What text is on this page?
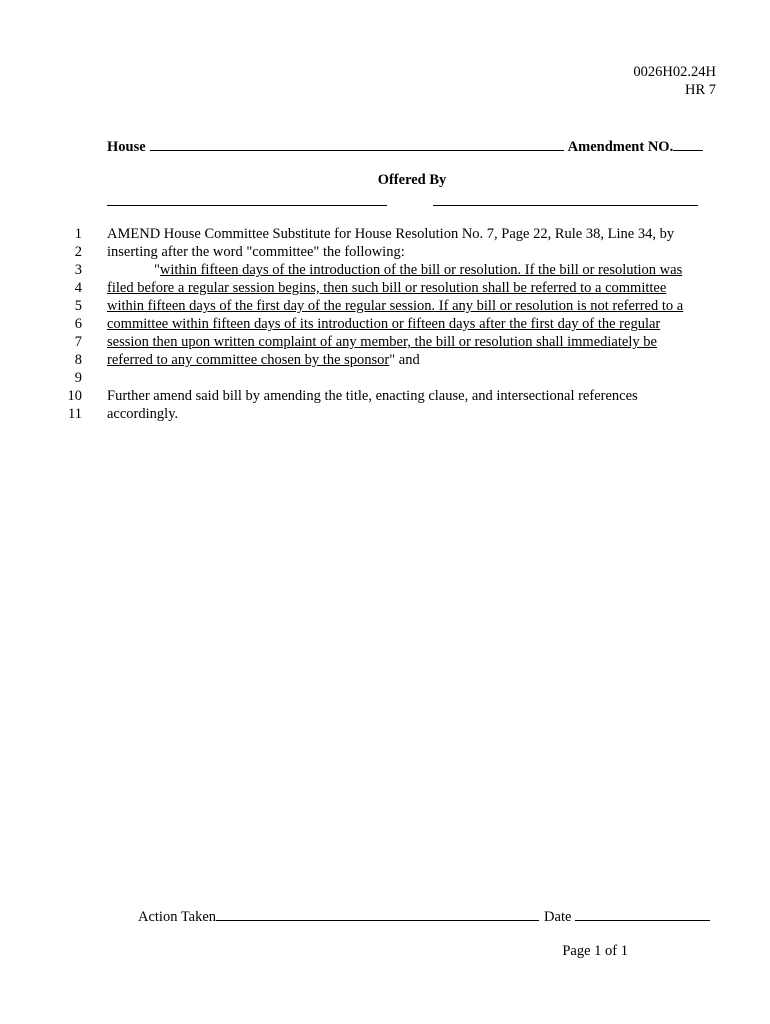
0026H02.24H
HR 7
House	Amendment NO.
Offered By
1 AMEND House Committee Substitute for House Resolution No. 7, Page 22, Rule 38, Line 34, by
2 inserting after the word "committee" the following:
3	"within fifteen days of the introduction of the bill or resolution. If the bill or resolution was
4 filed before a regular session begins, then such bill or resolution shall be referred to a committee
5 within fifteen days of the first day of the regular session. If any bill or resolution is not referred to a
6 committee within fifteen days of its introduction or fifteen days after the first day of the regular
7 session then upon written complaint of any member, the bill or resolution shall immediately be
8 referred to any committee chosen by the sponsor" and
9
10 Further amend said bill by amending the title, enacting clause, and intersectional references
11 accordingly.
Action Taken	Date
Page 1 of 1
